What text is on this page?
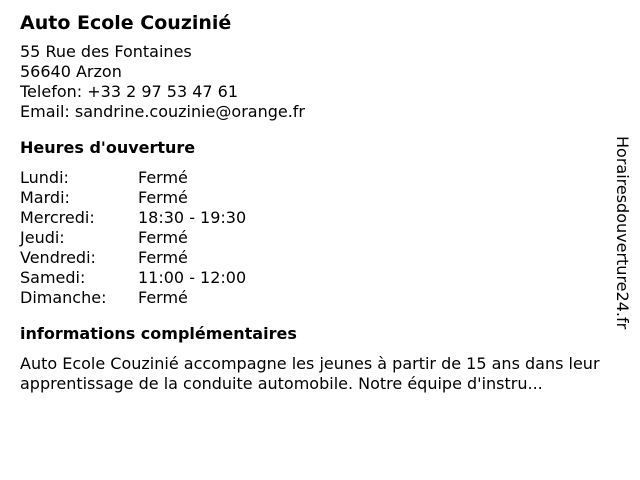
Auto Ecole Couzinié
55 Rue des Fontaines
56640 Arzon
Telefon: +33 2 97 53 47 61
Email: sandrine.couzinie@orange.fr
Heures d'ouverture
Lundi:	Fermé
Mardi:	Fermé
Mercredi:	18:30 - 19:30
Jeudi:	Fermé
Vendredi:	Fermé
Samedi:	11:00 - 12:00
Dimanche:	Fermé
informations complémentaires
Auto Ecole Couzinié accompagne les jeunes à partir de 15 ans dans leur apprentissage de la conduite automobile. Notre équipe d'instru...
Horairesdouverture24.fr
